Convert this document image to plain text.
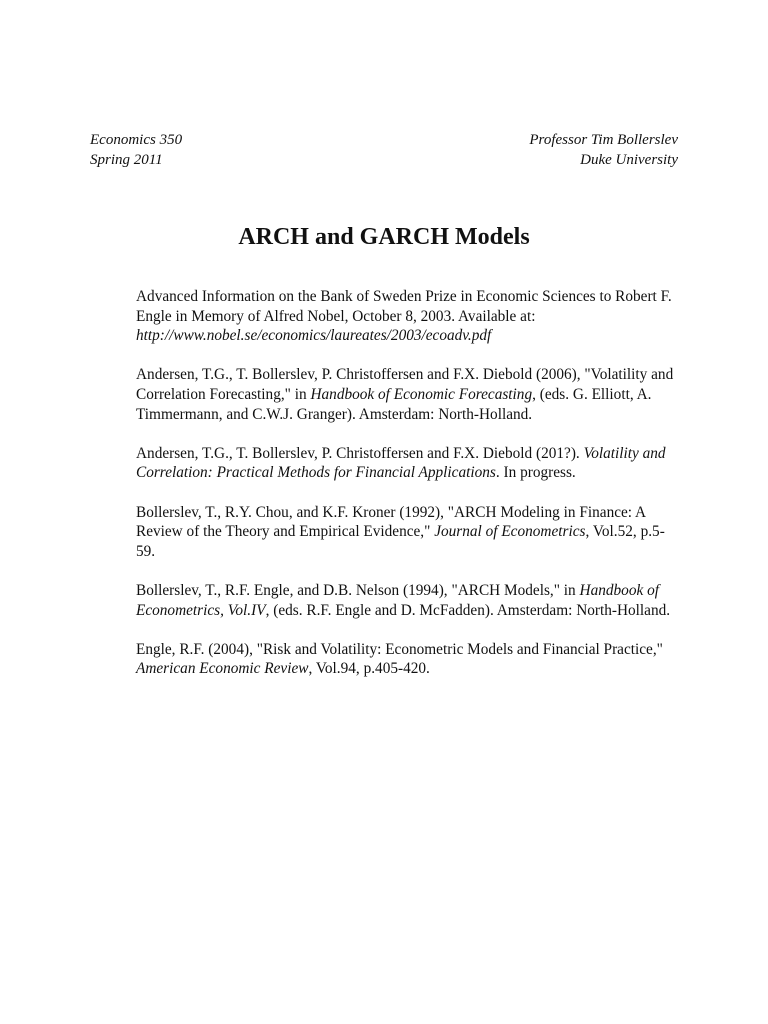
Economics 350
Spring 2011
Professor Tim Bollerslev
Duke University
ARCH and GARCH Models

Advanced Information on the Bank of Sweden Prize in Economic Sciences to Robert F. Engle in Memory of Alfred Nobel, October 8, 2003. Available at: http://www.nobel.se/economics/laureates/2003/ecoadv.pdf

Andersen, T.G., T. Bollerslev, P. Christoffersen and F.X. Diebold (2006), "Volatility and Correlation Forecasting," in Handbook of Economic Forecasting, (eds. G. Elliott, A. Timmermann, and C.W.J. Granger). Amsterdam: North-Holland.

Andersen, T.G., T. Bollerslev, P. Christoffersen and F.X. Diebold (201?). Volatility and Correlation: Practical Methods for Financial Applications. In progress.

Bollerslev, T., R.Y. Chou, and K.F. Kroner (1992), "ARCH Modeling in Finance: A Review of the Theory and Empirical Evidence," Journal of Econometrics, Vol.52, p.5-59.

Bollerslev, T., R.F. Engle, and D.B. Nelson (1994), "ARCH Models," in Handbook of Econometrics, Vol.IV, (eds. R.F. Engle and D. McFadden). Amsterdam: North-Holland.

Engle, R.F. (2004), "Risk and Volatility: Econometric Models and Financial Practice," American Economic Review, Vol.94, p.405-420.
